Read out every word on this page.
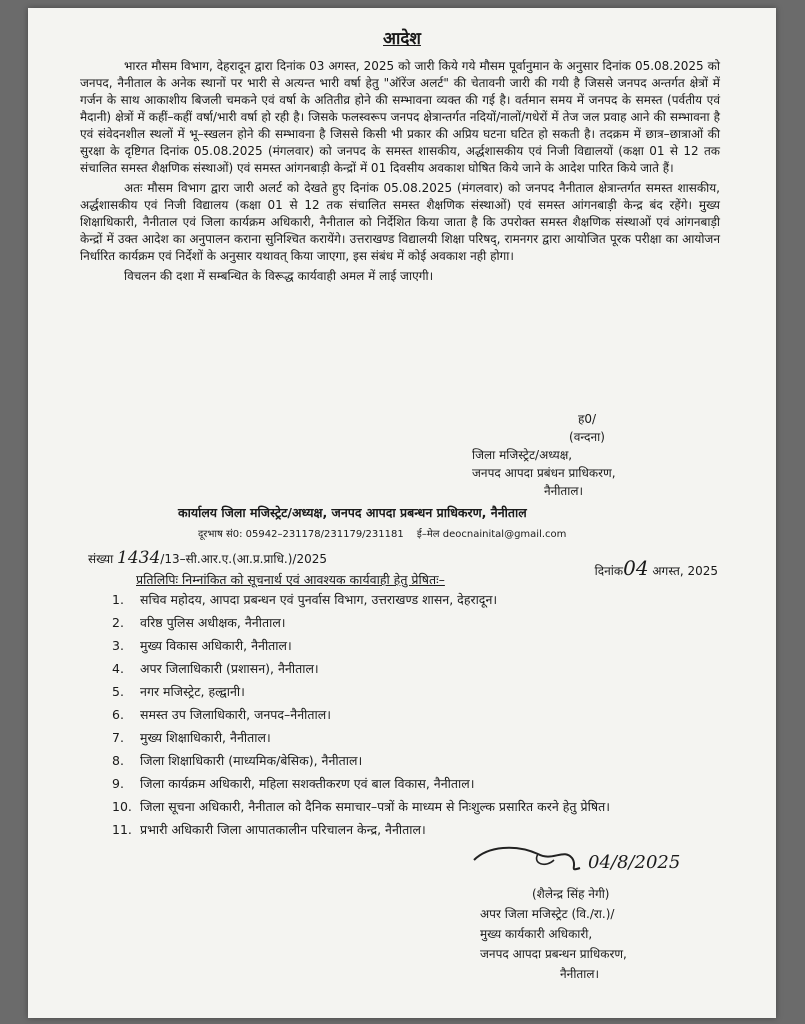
आदेश

भारत मौसम विभाग, देहरादून द्वारा दिनांक 03 अगस्त, 2025 को जारी किये गये मौसम पूर्वानुमान के अनुसार दिनांक 05.08.2025 को जनपद, नैनीताल के अनेक स्थानों पर भारी से अत्यन्त भारी वर्षा हेतु "ऑरेंज अलर्ट" की चेतावनी जारी की गयी है जिससे जनपद अन्तर्गत क्षेत्रों में गर्जन के साथ आकाशीय बिजली चमकने एवं वर्षा के अतितीव्र होने की सम्भावना व्यक्त की गई है। वर्तमान समय में जनपद के समस्त (पर्वतीय एवं मैदानी) क्षेत्रों में कहीं–कहीं वर्षा/भारी वर्षा हो रही है। जिसके फलस्वरूप जनपद क्षेत्रान्तर्गत नदियों/नालों/गधेरों में तेज जल प्रवाह आने की सम्भावना है एवं संवेदनशील स्थलों में भू–स्खलन होने की सम्भावना है जिससे किसी भी प्रकार की अप्रिय घटना घटित हो सकती है। तदक्रम में छात्र–छात्राओं की सुरक्षा के दृष्टिगत दिनांक 05.08.2025 (मंगलवार) को जनपद के समस्त शासकीय, अर्द्धशासकीय एवं निजी विद्यालयों (कक्षा 01 से 12 तक संचालित समस्त शैक्षणिक संस्थाओं) एवं समस्त आंगनबाड़ी केन्द्रों में 01 दिवसीय अवकाश घोषित किये जाने के आदेश पारित किये जाते हैं।

अतः मौसम विभाग द्वारा जारी अलर्ट को देखते हुए दिनांक 05.08.2025 (मंगलवार) को जनपद नैनीताल क्षेत्रान्तर्गत समस्त शासकीय, अर्द्धशासकीय एवं निजी विद्यालय (कक्षा 01 से 12 तक संचालित समस्त शैक्षणिक संस्थाओं) एवं समस्त आंगनबाड़ी केन्द्र बंद रहेंगे। मुख्य शिक्षाधिकारी, नैनीताल एवं जिला कार्यक्रम अधिकारी, नैनीताल को निर्देशित किया जाता है कि उपरोक्त समस्त शैक्षणिक संस्थाओं एवं आंगनबाड़ी केन्द्रों में उक्त आदेश का अनुपालन कराना सुनिश्चित करायेंगे। उत्तराखण्ड विद्यालयी शिक्षा परिषद्, रामनगर द्वारा आयोजित पूरक परीक्षा का आयोजन निर्धारित कार्यक्रम एवं निर्देशों के अनुसार यथावत् किया जाएगा, इस संबंध में कोई अवकाश नही होगा।

विचलन की दशा में सम्बन्धित के विरूद्ध कार्यवाही अमल में लाई जाएगी।

ह0/
(वन्दना)
जिला मजिस्ट्रेट/अध्यक्ष,
जनपद आपदा प्रबंधन प्राधिकरण,
नैनीताल।
कार्यालय जिला मजिस्ट्रेट/अध्यक्ष, जनपद आपदा प्रबन्धन प्राधिकरण, नैनीताल
दूरभाष सं0: 05942–231178/231179/231181 ई–मेल deocnainital@gmail.com
संख्या 1434/13–सी.आर.ए.(आ.प्र.प्राधि.)/2025
दिनांक04 अगस्त, 2025
प्रतिलिपिः निम्नांकित को सूचनार्थ एवं आवश्यक कार्यवाही हेतु प्रेषितः–
1.	सचिव महोदय, आपदा प्रबन्धन एवं पुनर्वास विभाग, उत्तराखण्ड शासन, देहरादून।
2.	वरिष्ठ पुलिस अधीक्षक, नैनीताल।
3.	मुख्य विकास अधिकारी, नैनीताल।
4.	अपर जिलाधिकारी (प्रशासन), नैनीताल।
5.	नगर मजिस्ट्रेट, हल्द्वानी।
6.	समस्त उप जिलाधिकारी, जनपद–नैनीताल।
7.	मुख्य शिक्षाधिकारी, नैनीताल।
8.	जिला शिक्षाधिकारी (माध्यमिक/बेसिक), नैनीताल।
9.	जिला कार्यक्रम अधिकारी, महिला सशक्तीकरण एवं बाल विकास, नैनीताल।
10. जिला सूचना अधिकारी, नैनीताल को दैनिक समाचार–पत्रों के माध्यम से निःशुल्क प्रसारित करने हेतु प्रेषित।
11. प्रभारी अधिकारी जिला आपातकालीन परिचालन केन्द्र, नैनीताल।
04/8/2025
(शैलेन्द्र सिंह नेगी)
अपर जिला मजिस्ट्रेट (वि./रा.)/
मुख्य कार्यकारी अधिकारी,
जनपद आपदा प्रबन्धन प्राधिकरण,
नैनीताल।
